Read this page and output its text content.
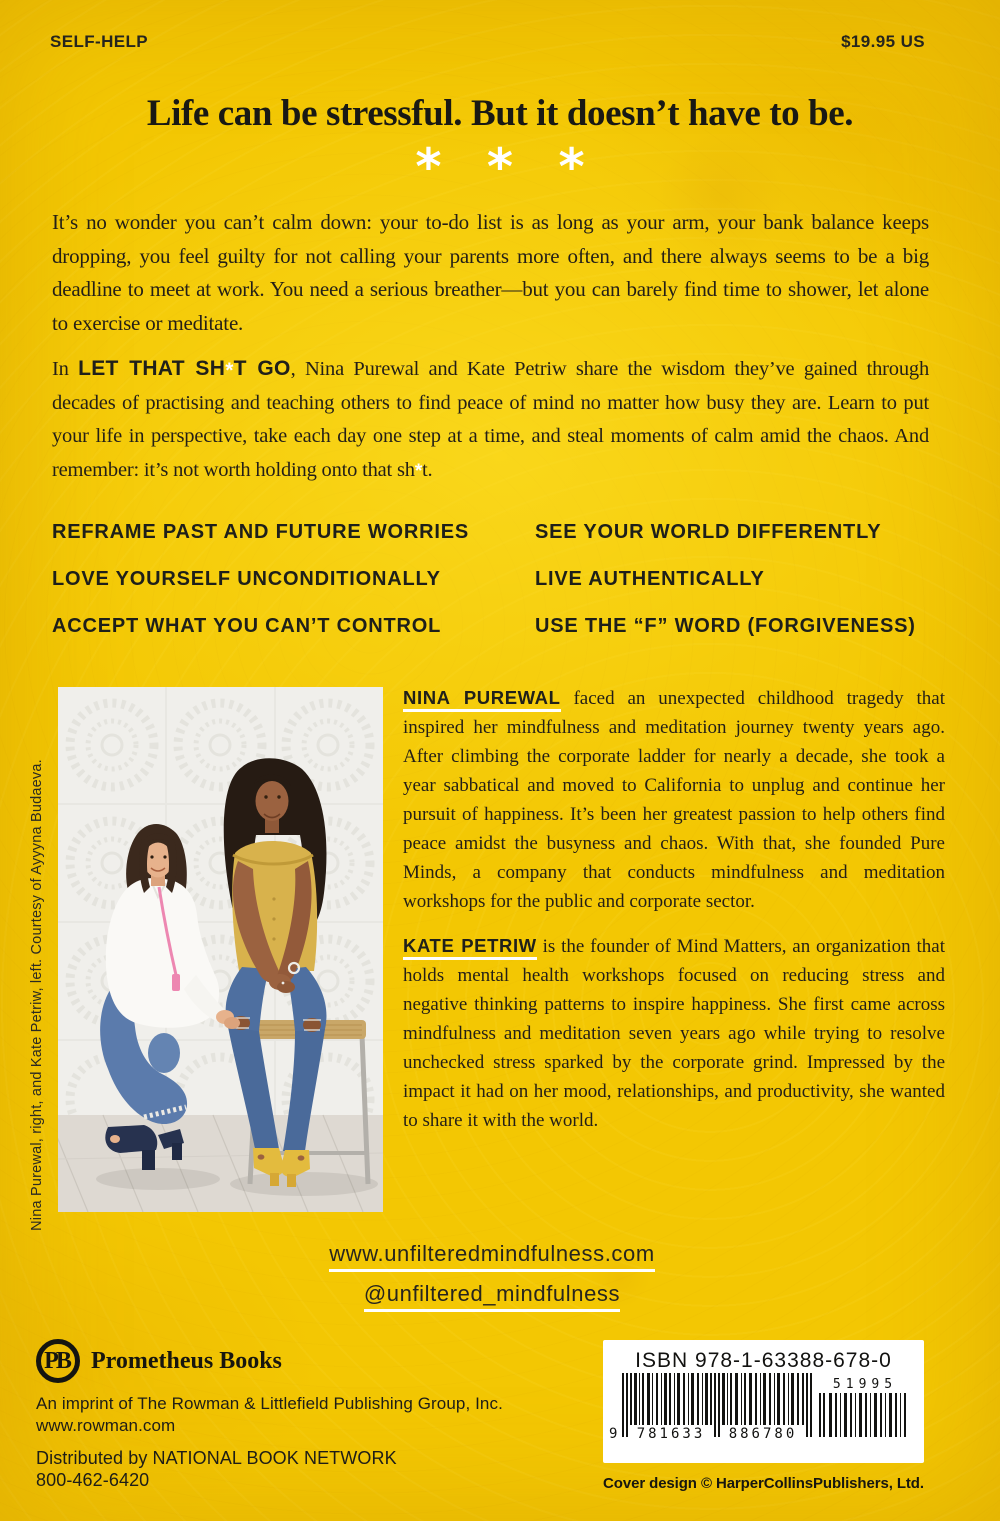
SELF-HELP	$19.95 US
Life can be stressful. But it doesn’t have to be.
* * *

It’s no wonder you can’t calm down: your to-do list is as long as your arm, your bank balance keeps dropping, you feel guilty for not calling your parents more often, and there always seems to be a big deadline to meet at work. You need a serious breather—but you can barely find time to shower, let alone to exercise or meditate.

In LET THAT SH*T GO, Nina Purewal and Kate Petriw share the wisdom they’ve gained through decades of practising and teaching others to find peace of mind no matter how busy they are. Learn to put your life in perspective, take each day one step at a time, and steal moments of calm amid the chaos. And remember: it’s not worth holding onto that sh*t.

REFRAME PAST AND FUTURE WORRIES
LOVE YOURSELF UNCONDITIONALLY
ACCEPT WHAT YOU CAN’T CONTROL
SEE YOUR WORLD DIFFERENTLY
LIVE AUTHENTICALLY
USE THE “F” WORD (FORGIVENESS)
Nina Purewal, right, and Kate Petriw, left. Courtesy of Ayyyna Budaeva.

NINA PUREWAL faced an unexpected childhood tragedy that inspired her mindfulness and meditation journey twenty years ago. After climbing the corporate ladder for nearly a decade, she took a year sabbatical and moved to California to unplug and continue her pursuit of happiness. It’s been her greatest passion to help others find peace amidst the busyness and chaos. With that, she founded Pure Minds, a company that conducts mindfulness and meditation workshops for the public and corporate sector.

KATE PETRIW is the founder of Mind Matters, an organization that holds mental health workshops focused on reducing stress and negative thinking patterns to inspire happiness. She first came across mindfulness and meditation seven years ago while trying to resolve unchecked stress sparked by the corporate grind. Impressed by the impact it had on her mood, relationships, and productivity, she wanted to share it with the world.

www.unfilteredmindfulness.com
@unfiltered_mindfulness
PB Prometheus Books
An imprint of The Rowman & Littlefield Publishing Group, Inc.
www.rowman.com
Distributed by NATIONAL BOOK NETWORK
800-462-6420
ISBN 978-1-63388-678-0
9 781633 886780
51995
Cover design © HarperCollinsPublishers, Ltd.
